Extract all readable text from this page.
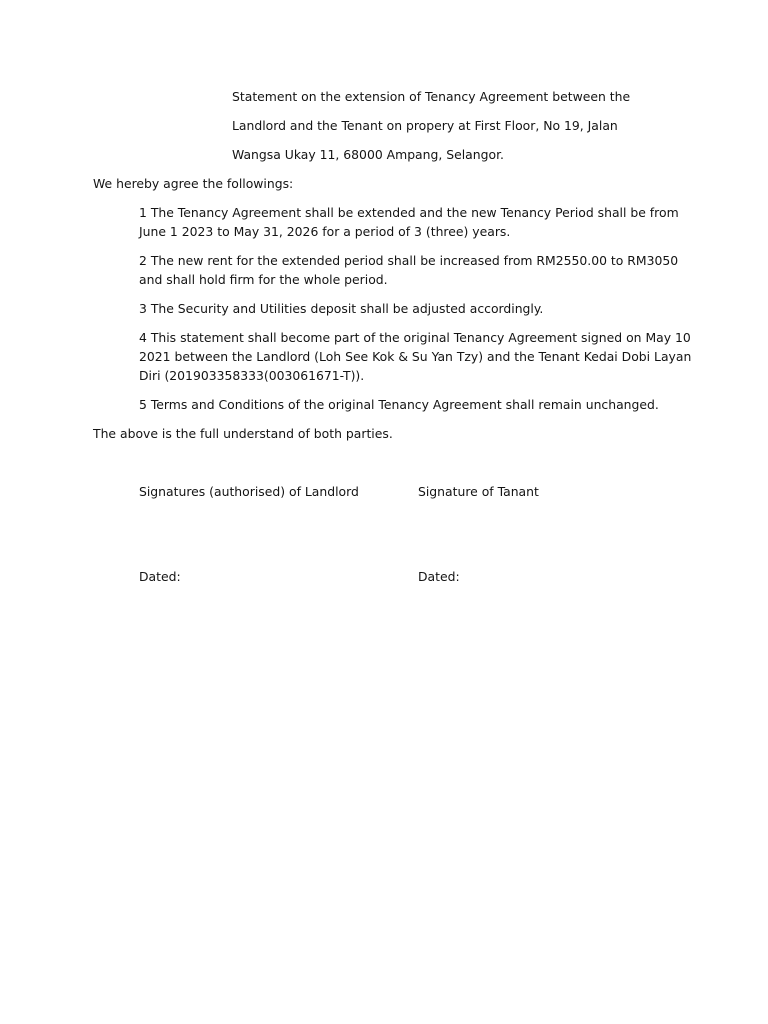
Statement on the extension of Tenancy Agreement between the
Landlord and the Tenant on propery at First Floor, No 19, Jalan
Wangsa Ukay 11, 68000 Ampang, Selangor.
We hereby agree the followings:
1 The Tenancy Agreement shall be extended and the new Tenancy Period shall be from June 1 2023 to May 31, 2026 for a period of 3 (three) years.
2 The new rent for the extended period shall be increased from RM2550.00 to RM3050 and shall hold firm for the whole period.
3 The Security and Utilities deposit shall be adjusted accordingly.
4 This statement shall become part of the original Tenancy Agreement signed on May 10 2021 between the Landlord (Loh See Kok & Su Yan Tzy) and the Tenant Kedai Dobi Layan Diri (201903358333(003061671-T)).
5 Terms and Conditions of the original Tenancy Agreement shall remain unchanged.
The above is the full understand of both parties.
Signatures (authorised) of Landlord	Signature of Tanant
Dated:	Dated:
